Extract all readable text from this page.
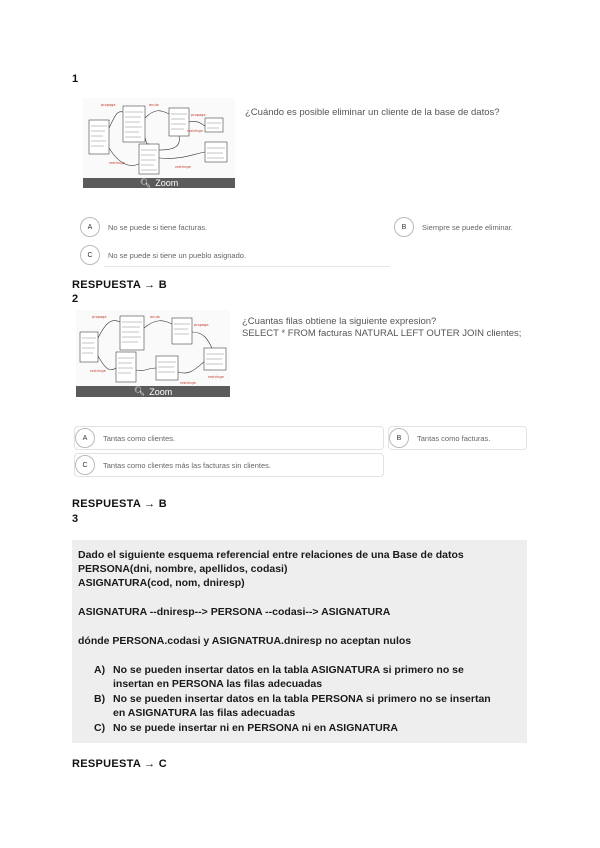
1
propaga	anula
propaga
restringe
restringe
restringe
🔍︎ Zoom
¿Cuándo es posible eliminar un cliente de la base de datos?
A	No se puede si tiene facturas.	B	Siempre se puede eliminar.
C	No se puede si tiene un pueblo asignado.
RESPUESTA → B
2
propaga	anula
propaga
restringe
restringe
restringe
🔍︎ Zoom
¿Cuantas filas obtiene la siguiente expresion?
SELECT * FROM facturas NATURAL LEFT OUTER JOIN clientes;
A	Tantas como clientes.	B	Tantas como facturas.
C	Tantas como clientes más las facturas sin clientes.
RESPUESTA → B
3
Dado el siguiente esquema referencial entre relaciones de una Base de datos
PERSONA(dni, nombre, apellidos, codasi)
ASIGNATURA(cod, nom, dniresp)
ASIGNATURA --dniresp--> PERSONA --codasi--> ASIGNATURA
dónde PERSONA.codasi y ASIGNATRUA.dniresp no aceptan nulos
A) No se pueden insertar datos en la tabla ASIGNATURA si primero no se
insertan en PERSONA las filas adecuadas
B) No se pueden insertar datos en la tabla PERSONA si primero no se insertan
en ASIGNATURA las filas adecuadas
C) No se puede insertar ni en PERSONA ni en ASIGNATURA
RESPUESTA → C
